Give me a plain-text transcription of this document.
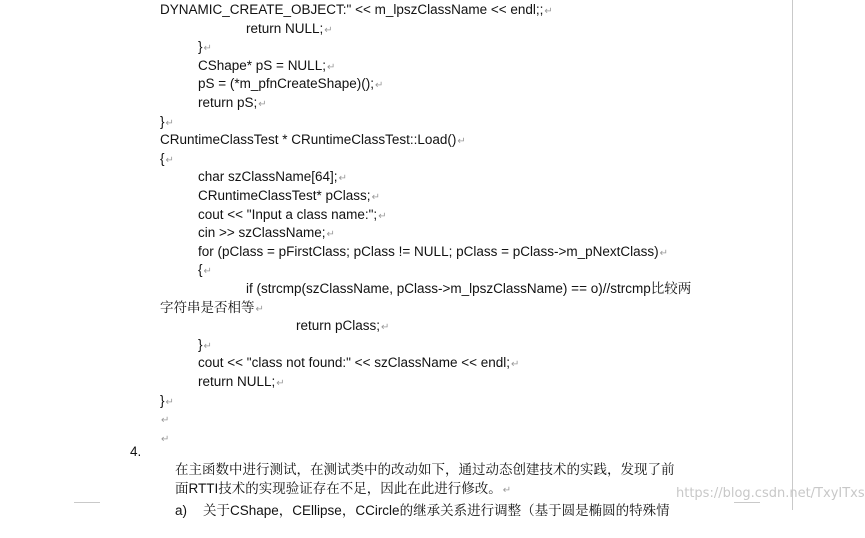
DYNAMIC_CREATE_OBJECT:" << m_lpszClassName << endl;;↵
return NULL;↵
}↵
CShape* pS = NULL;↵
pS = (*m_pfnCreateShape)();↵
return pS;↵
}↵
CRuntimeClassTest * CRuntimeClassTest::Load()↵
{↵
char szClassName[64];↵
CRuntimeClassTest* pClass;↵
cout << "Input a class name:";↵
cin >> szClassName;↵
for (pClass = pFirstClass; pClass != NULL; pClass = pClass->m_pNextClass)↵
{↵
if (strcmp(szClassName, pClass->m_lpszClassName) == o)//strcmp比较两
字符串是否相等↵
return pClass;↵
}↵
cout << "class not found:" << szClassName << endl;↵
return NULL;↵
}↵
↵
↵
4.

在主函数中进行测试，在测试类中的改动如下，通过动态创建技术的实践，发现了前

面RTTI技术的实现验证存在不足，因此在此进行修改。↵

a)
	关于CShape，CEllipse，CCircle的继承关系进行调整（基于圆是椭圆的特殊情

https://blog.csdn.net/TxyITxs
